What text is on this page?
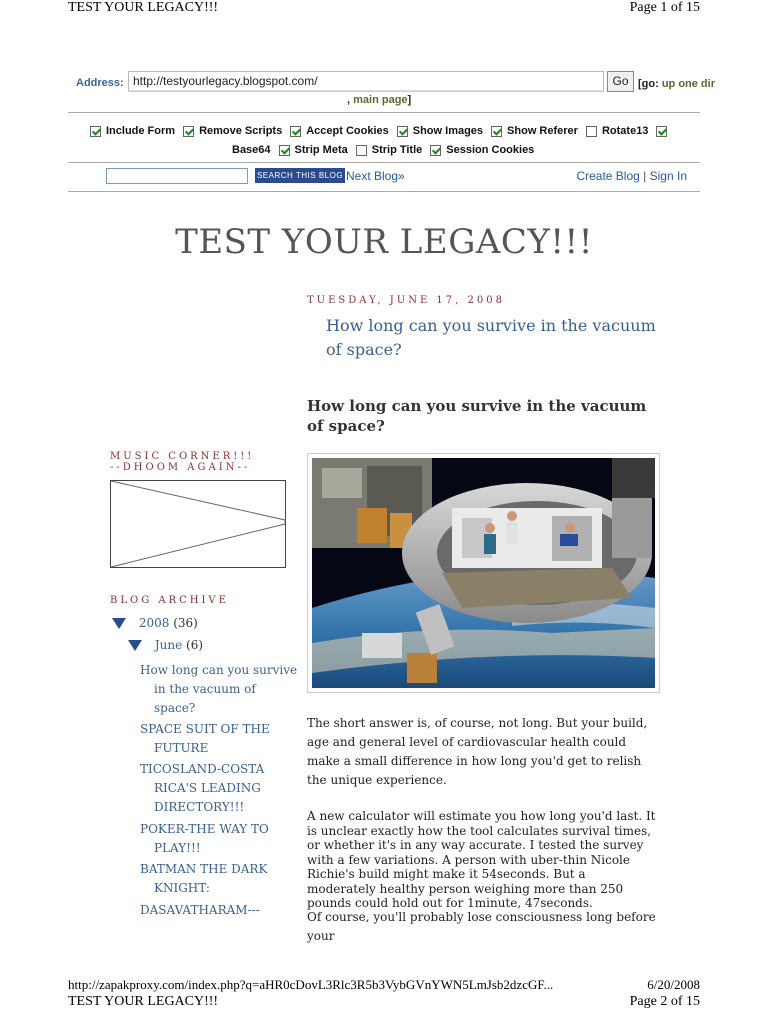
TEST YOUR LEGACY!!!	Page 1 of 15
Address:
http://testyourlegacy.blogspot.com/	Go [go: up one dir
, main page]
Include Form Remove Scripts Accept Cookies Show Images Show Referer Rotate13
Base64 Strip Meta Strip Title Session Cookies
SEARCH THIS BLOG Next Blog»	Create Blog | Sign In
TEST YOUR LEGACY!!!
TUESDAY, JUNE 17, 2008
How long can you survive in the vacuum of space?
How long can you survive in the vacuum of space?
MUSIC CORNER!!!
--DHOOM AGAIN--
BLOG ARCHIVE
2008 (36)
June (6)
How long can you survive in the vacuum of space?
SPACE SUIT OF THE FUTURE
TICOSLAND-COSTA RICA'S LEADING DIRECTORY!!!
POKER-THE WAY TO PLAY!!!
BATMAN THE DARK KNIGHT:
DASAVATHARAM---
The short answer is, of course, not long. But your build, age and general level of cardiovascular health could make a small difference in how long you'd get to relish the unique experience.
A new calculator will estimate you how long you'd last. It is unclear exactly how the tool calculates survival times, or whether it's in any way accurate. I tested the survey with a few variations. A person with uber-thin Nicole Richie's build might make it 54seconds. But a moderately healthy person weighing more than 250 pounds could hold out for 1minute, 47seconds.
Of course, you'll probably lose consciousness long before your
http://zapakproxy.com/index.php?q=aHR0cDovL3Rlc3R5b3VybGVnYWN5LmJsb2dzcGF...	6/20/2008
TEST YOUR LEGACY!!!	Page 2 of 15
